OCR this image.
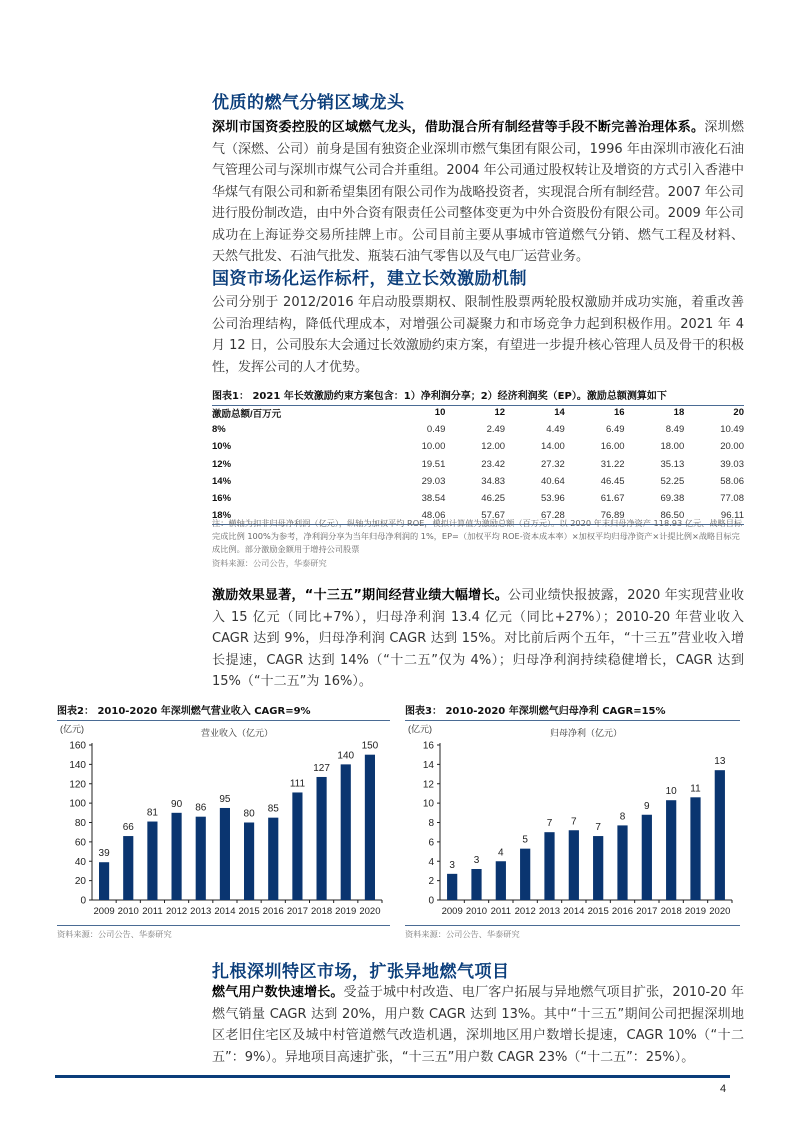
优质的燃气分销区域龙头
深圳市国资委控股的区域燃气龙头，借助混合所有制经营等手段不断完善治理体系。深圳燃气（深燃、公司）前身是国有独资企业深圳市燃气集团有限公司，1996 年由深圳市液化石油气管理公司与深圳市煤气公司合并重组。2004 年公司通过股权转让及增资的方式引入香港中华煤气有限公司和新希望集团有限公司作为战略投资者，实现混合所有制经营。2007 年公司进行股份制改造，由中外合资有限责任公司整体变更为中外合资股份有限公司。2009 年公司成功在上海证券交易所挂牌上市。公司目前主要从事城市管道燃气分销、燃气工程及材料、天然气批发、石油气批发、瓶装石油气零售以及气电厂运营业务。
国资市场化运作标杆，建立长效激励机制
公司分别于 2012/2016 年启动股票期权、限制性股票两轮股权激励并成功实施，着重改善公司治理结构，降低代理成本，对增强公司凝聚力和市场竞争力起到积极作用。2021 年 4 月 12 日，公司股东大会通过长效激励约束方案，有望进一步提升核心管理人员及骨干的积极性，发挥公司的人才优势。
图表1： 2021 年长效激励约束方案包含：1）净利润分享；2）经济利润奖（EP）。激励总额测算如下
激励总额/百万元	10	12	14	16	18	20
8%	0.49	2.49	4.49	6.49	8.49	10.49
10%	10.00	12.00	14.00	16.00	18.00	20.00
12%	19.51	23.42	27.32	31.22	35.13	39.03
14%	29.03	34.83	40.64	46.45	52.25	58.06
16%	38.54	46.25	53.96	61.67	69.38	77.08
18%	48.06	57.67	67.28	76.89	86.50	96.11
注：横轴为扣非归母净利润（亿元），纵轴为加权平均 ROE，模拟计算值为激励总额（百万元）。以 2020 年末归母净资产 118.93 亿元、战略目标完成比例 100%为参考，净利润分享为当年归母净利润的 1%，EP=（加权平均 ROE-资本成本率）×加权平均归母净资产×计提比例×战略目标完成比例。部分激励金额用于增持公司股票
资料来源：公司公告，华泰研究
激励效果显著，“十三五”期间经营业绩大幅增长。公司业绩快报披露，2020 年实现营业收入 15 亿元（同比+7%），归母净利润 13.4 亿元（同比+27%）；2010-20 年营业收入 CAGR 达到 9%，归母净利润 CAGR 达到 15%。对比前后两个五年，“十三五”营业收入增长提速，CAGR 达到 14%（“十二五”仅为 4%）；归母净利润持续稳健增长，CAGR 达到 15%（“十二五”为 16%）。
图表2： 2010-2020 年深圳燃气营业收入 CAGR=9%
(亿元)	营业收入（亿元）
0
20
40
60
80
100
120
140
160
39
2009
66
2010
81
2011
90
2012
86
2013
95
2014
80
2015
85
2016
111
2017
127
2018
140
2019
150
2020
资料来源：公司公告、华泰研究
图表3： 2010-2020 年深圳燃气归母净利 CAGR=15%
(亿元)	归母净利（亿元）
0
2
4
6
8
10
12
14
16
3
2009
3
2010
4
2011
5
2012
7
2013
7
2014
7
2015
8
2016
9
2017
10
2018
11
2019
13
2020
资料来源：公司公告、华泰研究
扎根深圳特区市场，扩张异地燃气项目
燃气用户数快速增长。受益于城中村改造、电厂客户拓展与异地燃气项目扩张，2010-20 年燃气销量 CAGR 达到 20%，用户数 CAGR 达到 13%。其中“十三五”期间公司把握深圳地区老旧住宅区及城中村管道燃气改造机遇，深圳地区用户数增长提速，CAGR 10%（“十二五”：9%）。异地项目高速扩张，“十三五”用户数 CAGR 23%（“十二五”：25%）。
4
